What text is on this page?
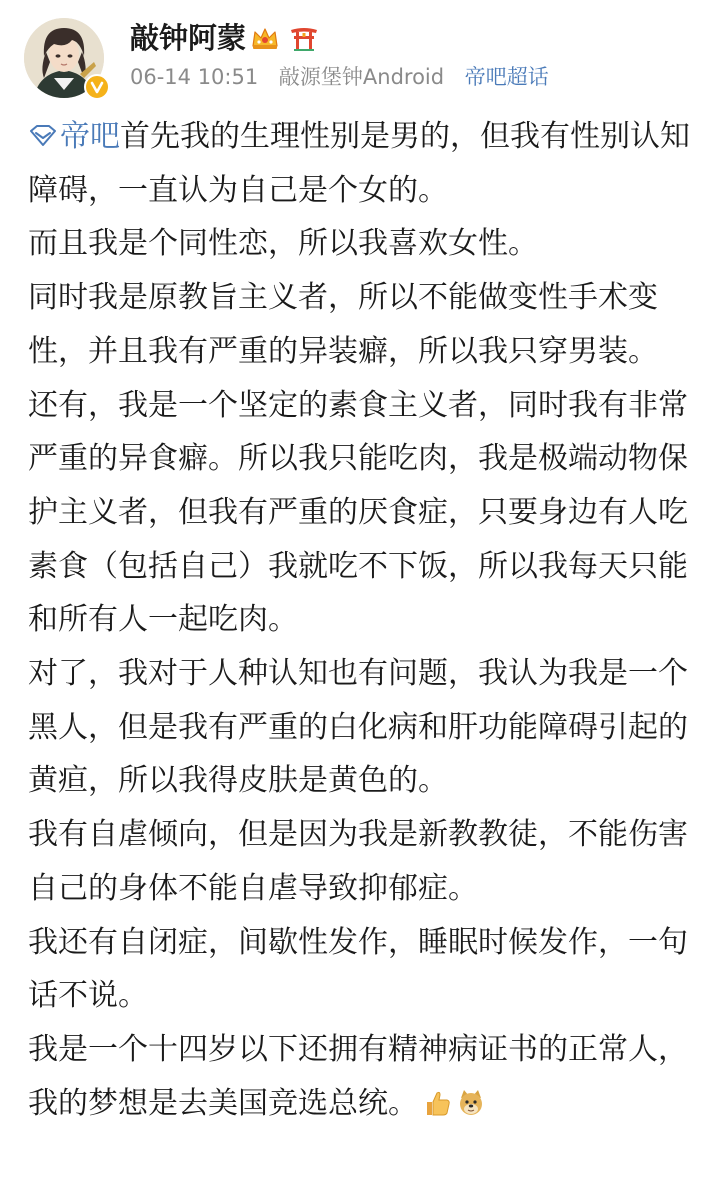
敲钟阿蒙

06-14 10:51 敲源堡钟Android 帝吧超话

帝吧首先我的生理性别是男的，但我有性别认知障碍，一直认为自己是个女的。

而且我是个同性恋，所以我喜欢女性。

同时我是原教旨主义者，所以不能做变性手术变性，并且我有严重的异装癖，所以我只穿男装。

还有，我是一个坚定的素食主义者，同时我有非常严重的异食癖。所以我只能吃肉，我是极端动物保护主义者，但我有严重的厌食症，只要身边有人吃素食（包括自己）我就吃不下饭，所以我每天只能和所有人一起吃肉。

对了，我对于人种认知也有问题，我认为我是一个黑人，但是我有严重的白化病和肝功能障碍引起的黄疸，所以我得皮肤是黄色的。

我有自虐倾向，但是因为我是新教教徒，不能伤害自己的身体不能自虐导致抑郁症。

我还有自闭症，间歇性发作，睡眠时候发作，一句话不说。

我是一个十四岁以下还拥有精神病证书的正常人，我的梦想是去美国竞选总统。
